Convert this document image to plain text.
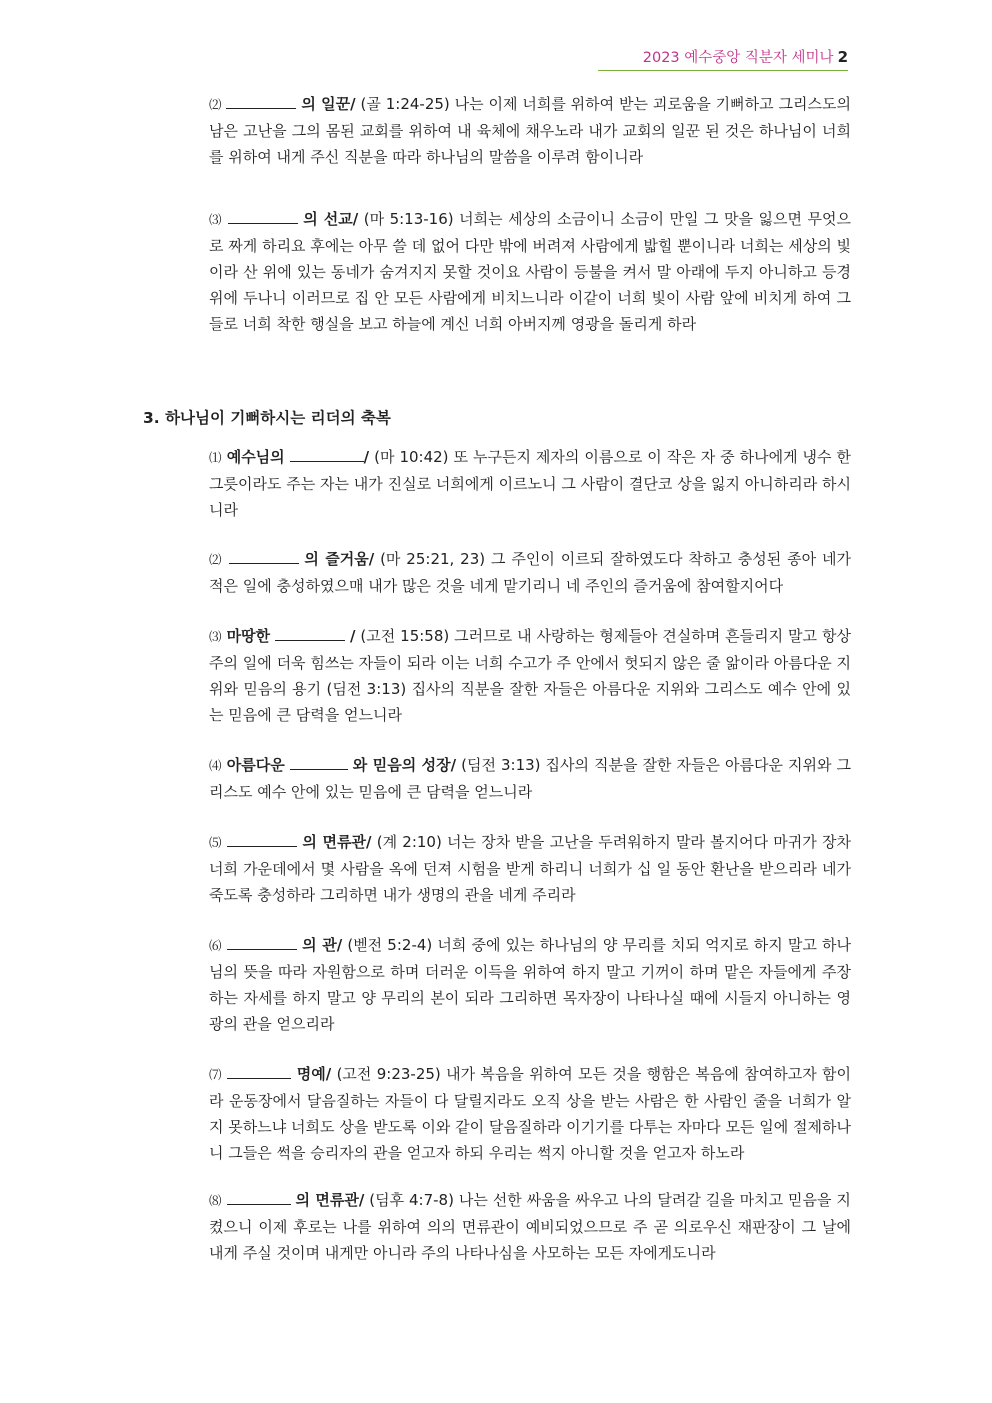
2023 예수중앙 직분자 세미나 2
⑵	의 일꾼/ (골 1:24-25) 나는 이제 너희를 위하여 받는 괴로움을 기뻐하고 그리스도의 남은 고난을 그의 몸된 교회를 위하여 내 육체에 채우노라 내가 교회의 일꾼 된 것은 하나님이 너희를 위하여 내게 주신 직분을 따라 하나님의 말씀을 이루려 함이니라
⑶	의 선교/ (마 5:13-16) 너희는 세상의 소금이니 소금이 만일 그 맛을 잃으면 무엇으로 짜게 하리요 후에는 아무 쓸 데 없어 다만 밖에 버려져 사람에게 밟힐 뿐이니라 너희는 세상의 빛이라 산 위에 있는 동네가 숨겨지지 못할 것이요 사람이 등불을 켜서 말 아래에 두지 아니하고 등경 위에 두나니 이러므로 집 안 모든 사람에게 비치느니라 이같이 너희 빛이 사람 앞에 비치게 하여 그들로 너희 착한 행실을 보고 하늘에 계신 너희 아버지께 영광을 돌리게 하라
3. 하나님이 기뻐하시는 리더의 축복
⑴ 예수님의	/ (마 10:42) 또 누구든지 제자의 이름으로 이 작은 자 중 하나에게 냉수 한 그릇이라도 주는 자는 내가 진실로 너희에게 이르노니 그 사람이 결단코 상을 잃지 아니하리라 하시니라
⑵	의 즐거움/ (마 25:21, 23) 그 주인이 이르되 잘하였도다 착하고 충성된 종아 네가 적은 일에 충성하였으매 내가 많은 것을 네게 맡기리니 네 주인의 즐거움에 참여할지어다
⑶ 마땅한	/ (고전 15:58) 그러므로 내 사랑하는 형제들아 견실하며 흔들리지 말고 항상 주의 일에 더욱 힘쓰는 자들이 되라 이는 너희 수고가 주 안에서 헛되지 않은 줄 앎이라 아름다운 지위와 믿음의 용기 (딤전 3:13) 집사의 직분을 잘한 자들은 아름다운 지위와 그리스도 예수 안에 있는 믿음에 큰 담력을 얻느니라
⑷ 아름다운	와 믿음의 성장/ (딤전 3:13) 집사의 직분을 잘한 자들은 아름다운 지위와 그리스도 예수 안에 있는 믿음에 큰 담력을 얻느니라
⑸	의 면류관/ (계 2:10) 너는 장차 받을 고난을 두려워하지 말라 볼지어다 마귀가 장차 너희 가운데에서 몇 사람을 옥에 던져 시험을 받게 하리니 너희가 십 일 동안 환난을 받으리라 네가 죽도록 충성하라 그리하면 내가 생명의 관을 네게 주리라
⑹	의 관/ (벧전 5:2-4) 너희 중에 있는 하나님의 양 무리를 치되 억지로 하지 말고 하나님의 뜻을 따라 자원함으로 하며 더러운 이득을 위하여 하지 말고 기꺼이 하며 맡은 자들에게 주장하는 자세를 하지 말고 양 무리의 본이 되라 그리하면 목자장이 나타나실 때에 시들지 아니하는 영광의 관을 얻으리라
⑺	명예/ (고전 9:23-25) 내가 복음을 위하여 모든 것을 행함은 복음에 참여하고자 함이라 운동장에서 달음질하는 자들이 다 달릴지라도 오직 상을 받는 사람은 한 사람인 줄을 너희가 알지 못하느냐 너희도 상을 받도록 이와 같이 달음질하라 이기기를 다투는 자마다 모든 일에 절제하나니 그들은 썩을 승리자의 관을 얻고자 하되 우리는 썩지 아니할 것을 얻고자 하노라
⑻	의 면류관/ (딤후 4:7-8) 나는 선한 싸움을 싸우고 나의 달려갈 길을 마치고 믿음을 지켰으니 이제 후로는 나를 위하여 의의 면류관이 예비되었으므로 주 곧 의로우신 재판장이 그 날에 내게 주실 것이며 내게만 아니라 주의 나타나심을 사모하는 모든 자에게도니라
